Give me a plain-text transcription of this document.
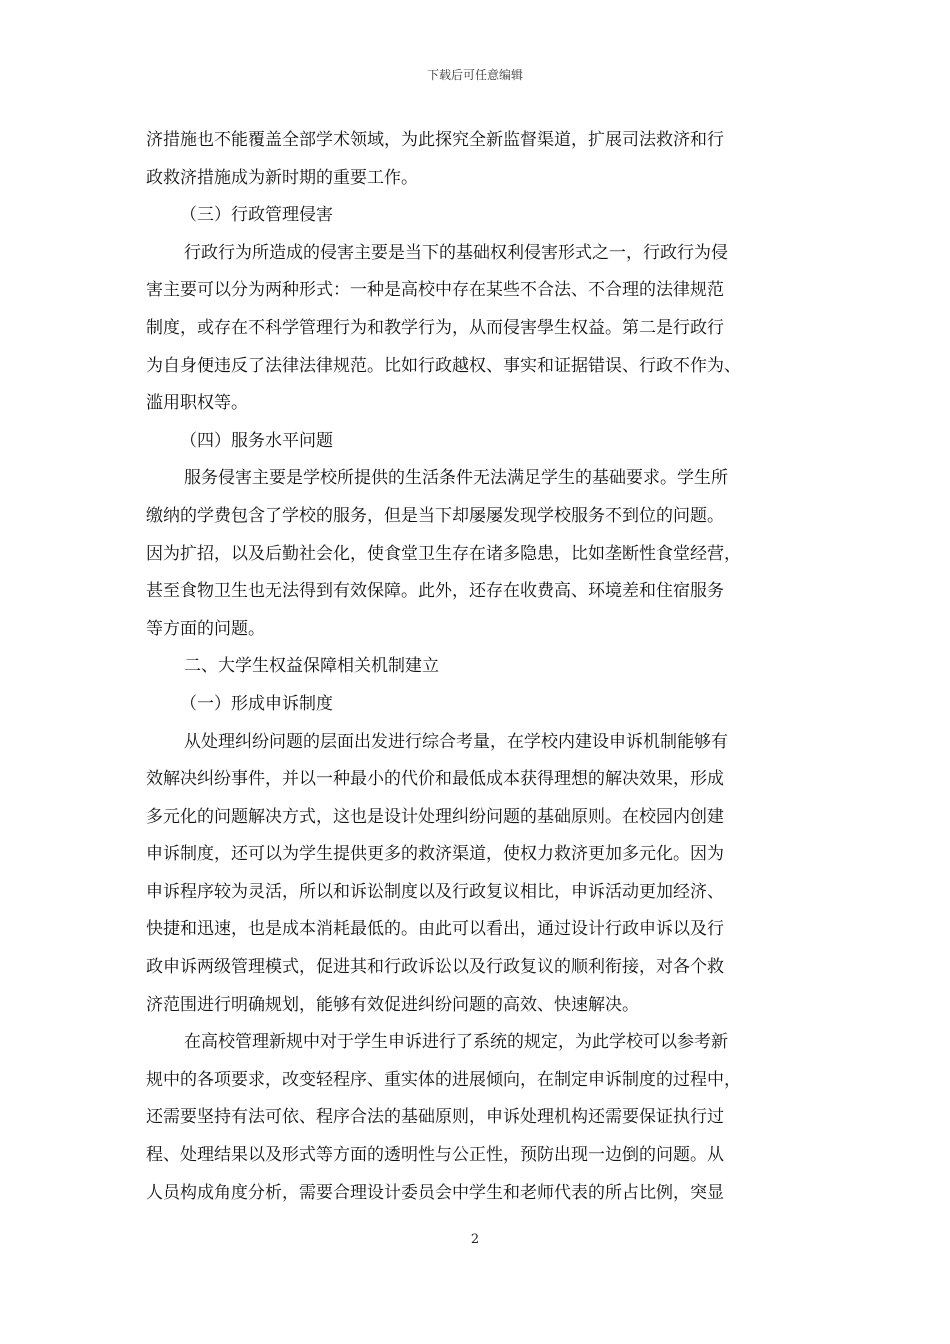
下载后可任意编辑
济措施也不能覆盖全部学术领域，为此探究全新监督渠道，扩展司法救济和行
政救济措施成为新时期的重要工作。
（三）行政管理侵害
行政行为所造成的侵害主要是当下的基础权利侵害形式之一，行政行为侵
害主要可以分为两种形式：一种是高校中存在某些不合法、不合理的法律规范
制度，或存在不科学管理行为和教学行为，从而侵害學生权益。第二是行政行
为自身便违反了法律法律规范。比如行政越权、事实和证据错误、行政不作为、
滥用职权等。
（四）服务水平问题
服务侵害主要是学校所提供的生活条件无法满足学生的基础要求。学生所
缴纳的学费包含了学校的服务，但是当下却屡屡发现学校服务不到位的问题。
因为扩招，以及后勤社会化，使食堂卫生存在诸多隐患，比如垄断性食堂经营，
甚至食物卫生也无法得到有效保障。此外，还存在收费高、环境差和住宿服务
等方面的问题。
二、大学生权益保障相关机制建立
（一）形成申诉制度
从处理纠纷问题的层面出发进行综合考量，在学校内建设申诉机制能够有
效解决纠纷事件，并以一种最小的代价和最低成本获得理想的解决效果，形成
多元化的问题解决方式，这也是设计处理纠纷问题的基础原则。在校园内创建
申诉制度，还可以为学生提供更多的救济渠道，使权力救济更加多元化。因为
申诉程序较为灵活，所以和诉讼制度以及行政复议相比，申诉活动更加经济、
快捷和迅速，也是成本消耗最低的。由此可以看出，通过设计行政申诉以及行
政申诉两级管理模式，促进其和行政诉讼以及行政复议的顺利衔接，对各个救
济范围进行明确规划，能够有效促进纠纷问题的高效、快速解决。
在高校管理新规中对于学生申诉进行了系统的规定，为此学校可以参考新
规中的各项要求，改变轻程序、重实体的进展倾向，在制定申诉制度的过程中，
还需要坚持有法可依、程序合法的基础原则，申诉处理机构还需要保证执行过
程、处理结果以及形式等方面的透明性与公正性，预防出现一边倒的问题。从
人员构成角度分析，需要合理设计委员会中学生和老师代表的所占比例，突显
2
